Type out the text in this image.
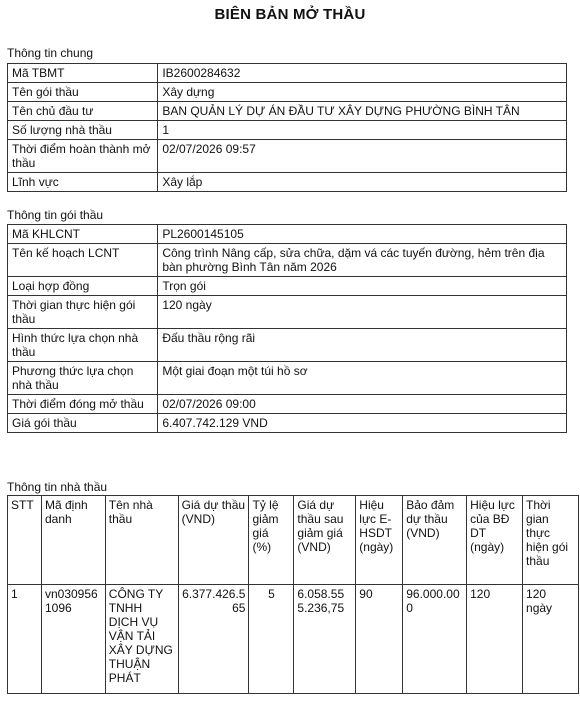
BIÊN BẢN MỞ THẦU
Thông tin chung
Mã TBMT	IB2600284632
Tên gói thầu	Xây dựng
Tên chủ đầu tư	BAN QUẢN LÝ DỰ ÁN ĐẦU TƯ XÂY DỰNG PHƯỜNG BÌNH TÂN
Số lượng nhà thầu	1
Thời điểm hoàn thành mở thầu	02/07/2026 09:57
Lĩnh vực	Xây lắp
Thông tin gói thầu
Mã KHLCNT	PL2600145105
Tên kế hoạch LCNT	Công trình Nâng cấp, sửa chữa, dặm vá các tuyến đường, hẻm trên địa bàn phường Bình Tân năm 2026
Loại hợp đồng	Trọn gói
Thời gian thực hiện gói thầu	120 ngày
Hình thức lựa chọn nhà thầu	Đấu thầu rộng rãi
Phương thức lựa chọn nhà thầu	Một giai đoạn một túi hồ sơ
Thời điểm đóng mở thầu	02/07/2026 09:00
Giá gói thầu	6.407.742.129 VND
Thông tin nhà thầu
STT	Mã định danh	Tên nhà thầu	Giá dự thầu (VND)	Tỷ lệ giảm giá (%)	Giá dự thầu sau giảm giá (VND)	Hiệu lực E-HSDT (ngày)	Bảo đảm dự thầu (VND)	Hiệu lực của BĐ DT (ngày)	Thời gian thực hiện gói thầu
1	vn0309561096	CÔNG TY TNHH DỊCH VỤ VẬN TẢI XÂY DỰNG THUẬN PHÁT	6.377.426.565	5	6.058.555.236,75	90	96.000.000	120	120 ngày
